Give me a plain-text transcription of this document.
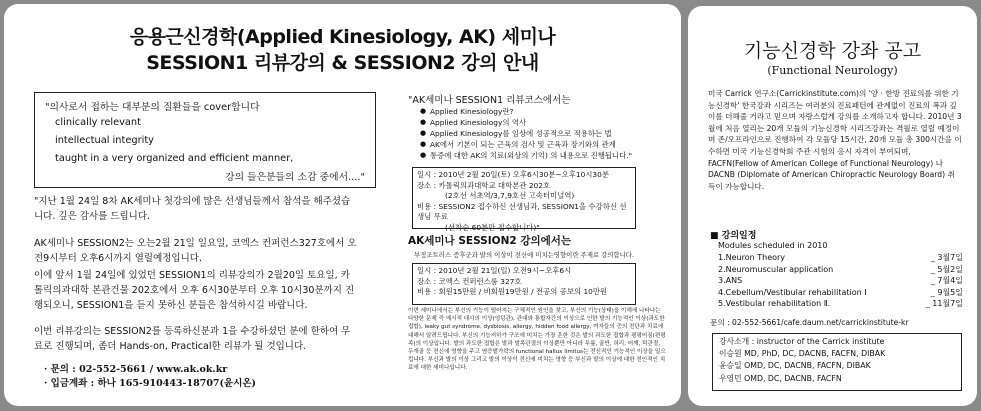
응용근신경학(Applied Kinesiology, AK) 세미나
SESSION1 리뷰강의 & SESSION2 강의 안내
"의사로서 접하는 대부분의 질환들을 cover합니다
clinically relevant
intellectual integrity
taught in a very organized and efficient manner,
강의 들은분들의 소감 중에서...."
"지난 1월 24일 8차 AK세미나 첫강의에 많은 선생님들께서 참석을 해주셨습니다. 깊은 감사를 드립니다.
AK세미나 SESSION2는 오는2월 21일 일요일, 코엑스 컨퍼런스327호에서 오전9시부터 오후6시까지 열릴예정입니다.
이에 앞서 1월 24일에 있었던 SESSION1의 리뷰강의가 2월20일 토요일, 카톨릭의과대학 본관건물 202호에서 오후 6시30분부터 오후 10시30분까지 진행되오니, SESSION1을 듣지 못하신 분들은 참석하시길 바랍니다.
이번 리뷰강의는 SESSION2를 등록하신분과 1을 수강하셨던 분에 한하여 무료로 진행되며, 좀더 Hands-on, Practical한 리뷰가 될 것입니다.
· 문의 : 02-552-5661 / www.ak.ok.kr
· 입금계좌 : 하나 165-910443-18707(윤시온)
"AK세미나 SESSION1 리뷰코스에서는
● Applied Kinesiology란?
● Applied Kinesiology의 역사
● Applied Kinesiology를 임상에 성공적으로 적용하는 법
● AK에서 기본이 되는 근육의 검사 및 근육과 장기와의 관계
● 통증에 대한 AK의 치료(외상의 기억) 의 내용으로 진행됩니다."
일시 : 2010년 2월 20일(토) 오후6시30분~오후10시30분
장소 : 카톨릭의과대학교 대학본관 202호
(2호선 서초역/3,7,9호선 고속터미널역)
비용 : SESSION2 접수하신 선생님과, SESSION1을 수강하신 선생님 무료
(선착순 60분만 접수합니다)"
AK세미나 SESSION2 강의에서는
부정조트러스 증후군과 발의 이상이 전신에 미치는영향이란 주제로 강의합니다.
일시 : 2010년 2월 21일(일) 오전9시~오후6시
장소 : 코엑스 컨퍼런스룸 327호
비용 : 회원15만원 / 비회원19만원 / 전공의 공보의 10만원
이번 세미나에서는 부신의 기능이 떨어지는 구체적인 원인을 찾고, 부신의 기능(상태)을 이해에 나타나는 다양한 문제 즉 예시적 대사의 이상(엉덩관), 관대와 통합자간의 이상으로 인한 발의 기능적인 이상(과도한 접합), leaky gut syndrome, dysbiosis, allergy, hidden food allergy, 여자들의 증의 전단과 치료에 대해서 알려드립니다. 부신의 기능저하가 구조에 미치는 가장 흔한 것은 발의 과도한 접합과 평평어짐(편평족)의 이상입니다. 발의 과도한 접합은 발과 발목관절의 이상뿐만 아니라 무릎, 골반, 허리, 어깨, 턱관절, 두개골 등 전신에 영향을 주고 염증발가락의 functional hallux limitus는 전신적인 기능적인 이상을 일으킵니다. 부신과 발의 이상 그리고 발의 이상이 전신에 미치는 영향 등 부신과 발의 이상에 대한 전인적인 치료에 대한 세미나입니다.
기능신경학 강좌 공고
(Functional Neurology)
미국 Carrick 연구소(Carrickinstitute.com)의 '양 · 한방 진료의를 위한 기능신경학' 한국강좌 시리즈는 여러분의 진료패턴에 관계없이 진료의 폭과 깊이를 더해줄 거라고 믿으며 자랑스럽게 강의를 소개하고자 합니다. 2010년 3월에 처음 열리는 20개 모듈의 기능신경학 시리즈강좌는 격월로 열릴 예정이며 존/오프라인으로 진행하여 각 모듈당 15시간, 20개 모듈 총 300시간을 이수하면 미국 기능신경학회 주관 시험의 응시 자격이 부여되며, FACFN(Fellow of American College of Functional Neurology) 나 DACNB (Diplomate of American Chiropractic Neurology Board) 취득이 가능합니다.
■ 강의일정
Modules scheduled in 2010
1.Neuron Theory	_ 3월7일
2.Neuromuscular application	_ 5월2일
3.ANS	_ 7월4일
4.Cebellum/Vestibular rehabilitation Ⅰ	_ 9월5일
5.Vestibular rehabilitation Ⅱ.	_ 11월7일
문의 : 02-552-5661/cafe.daum.net/carrickinstitute-kr
강사소개 : instructor of the Carrick institute
이승원 MD, PhD, DC, DACNB, FACFN, DIBAK
윤승일 OMD, DC, DACNB, FACFN, DIBAK
우영민 OMD, DC, DACNB, FACFN
